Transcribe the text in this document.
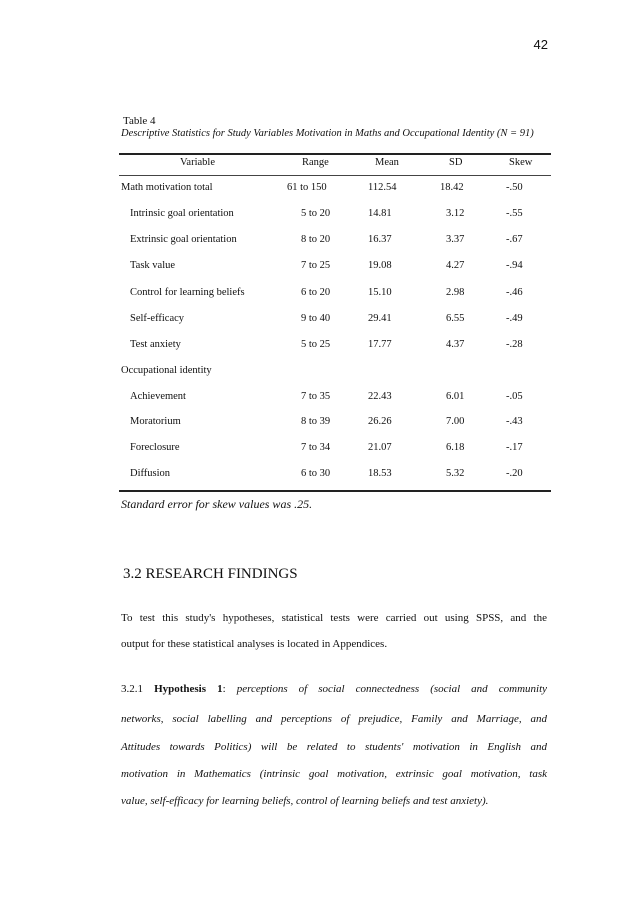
42
Table 4
Descriptive Statistics for Study Variables Motivation in Maths and Occupational Identity (N = 91)
Variable	Range	Mean	SD	Skew
Math motivation total	61 to 150	112.54	18.42	-.50
Intrinsic goal orientation	5 to 20	14.81	3.12	-.55
Extrinsic goal orientation	8 to 20	16.37	3.37	-.67
Task value	7 to 25	19.08	4.27	-.94
Control for learning beliefs	6 to 20	15.10	2.98	-.46
Self-efficacy	9 to 40	29.41	6.55	-.49
Test anxiety	5 to 25	17.77	4.37	-.28
Occupational identity
Achievement	7 to 35	22.43	6.01	-.05
Moratorium	8 to 39	26.26	7.00	-.43
Foreclosure	7 to 34	21.07	6.18	-.17
Diffusion	6 to 30	18.53	5.32	-.20
Standard error for skew values was .25.
3.2 RESEARCH FINDINGS
To test this study's hypotheses, statistical tests were carried out using SPSS, and the
output for these statistical analyses is located in Appendices.
3.2.1 Hypothesis 1: perceptions of social connectedness (social and community
networks, social labelling and perceptions of prejudice, Family and Marriage, and
Attitudes towards Politics) will be related to students' motivation in English and
motivation in Mathematics (intrinsic goal motivation, extrinsic goal motivation, task
value, self-efficacy for learning beliefs, control of learning beliefs and test anxiety).
